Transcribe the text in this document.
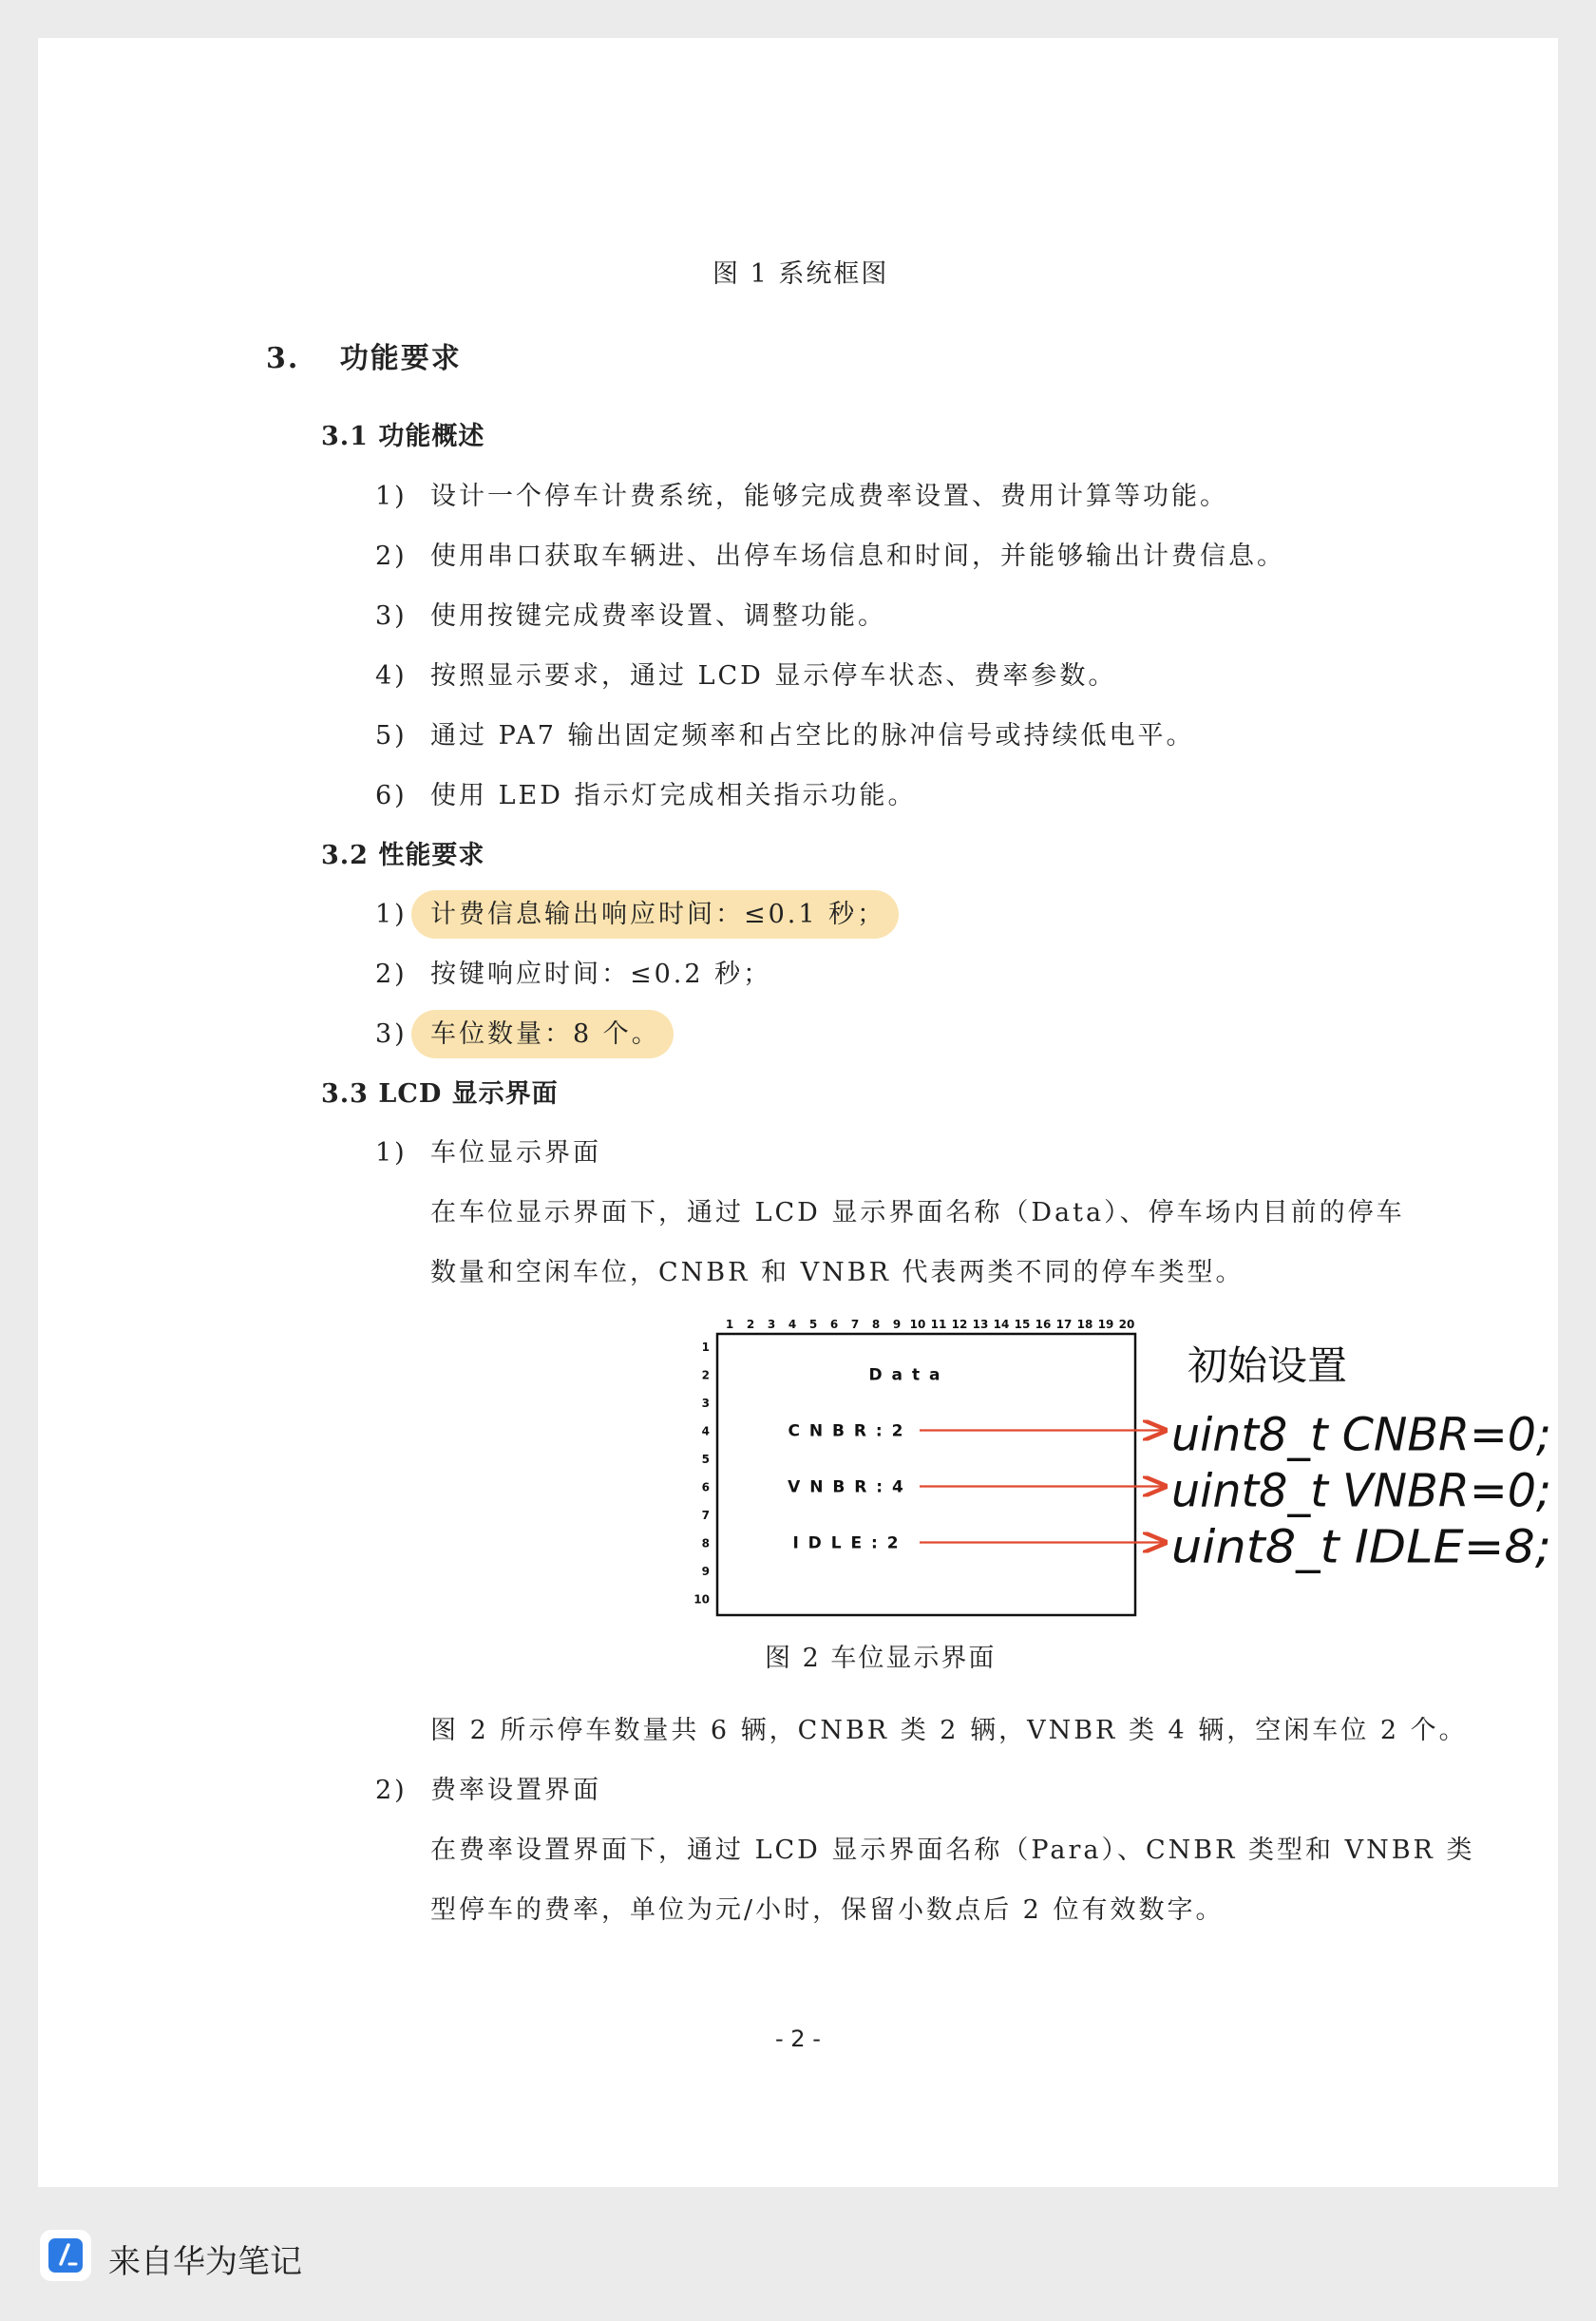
图 1 系统框图
3. 功能要求
3.1 功能概述
1) 设计一个停车计费系统，能够完成费率设置、费用计算等功能。
2) 使用串口获取车辆进、出停车场信息和时间，并能够输出计费信息。
3) 使用按键完成费率设置、调整功能。
4) 按照显示要求，通过 LCD 显示停车状态、费率参数。
5) 通过 PA7 输出固定频率和占空比的脉冲信号或持续低电平。
6) 使用 LED 指示灯完成相关指示功能。
3.2 性能要求
1) 计费信息输出响应时间：≤0.1 秒；
2) 按键响应时间：≤0.2 秒；
3) 车位数量：8 个。
3.3 LCD 显示界面
1) 车位显示界面
在车位显示界面下，通过 LCD 显示界面名称（Data）、停车场内目前的停车
数量和空闲车位，CNBR 和 VNBR 代表两类不同的停车类型。
1 2 3 4 5 6 7 8 9 10 11 12 13 14 15 16 17 18 19 20
1
2
3
4
5
6
7
8
9
10
D a t a
C N B R : 2
V N B R : 4
I D L E : 2
初始设置
uint8_t CNBR=0;
uint8_t VNBR=0;
uint8_t IDLE=8;
图 2 车位显示界面
图 2 所示停车数量共 6 辆，CNBR 类 2 辆，VNBR 类 4 辆，空闲车位 2 个。
2) 费率设置界面
在费率设置界面下，通过 LCD 显示界面名称（Para）、CNBR 类型和 VNBR 类
型停车的费率，单位为元/小时，保留小数点后 2 位有效数字。
- 2 -
来自华为笔记
